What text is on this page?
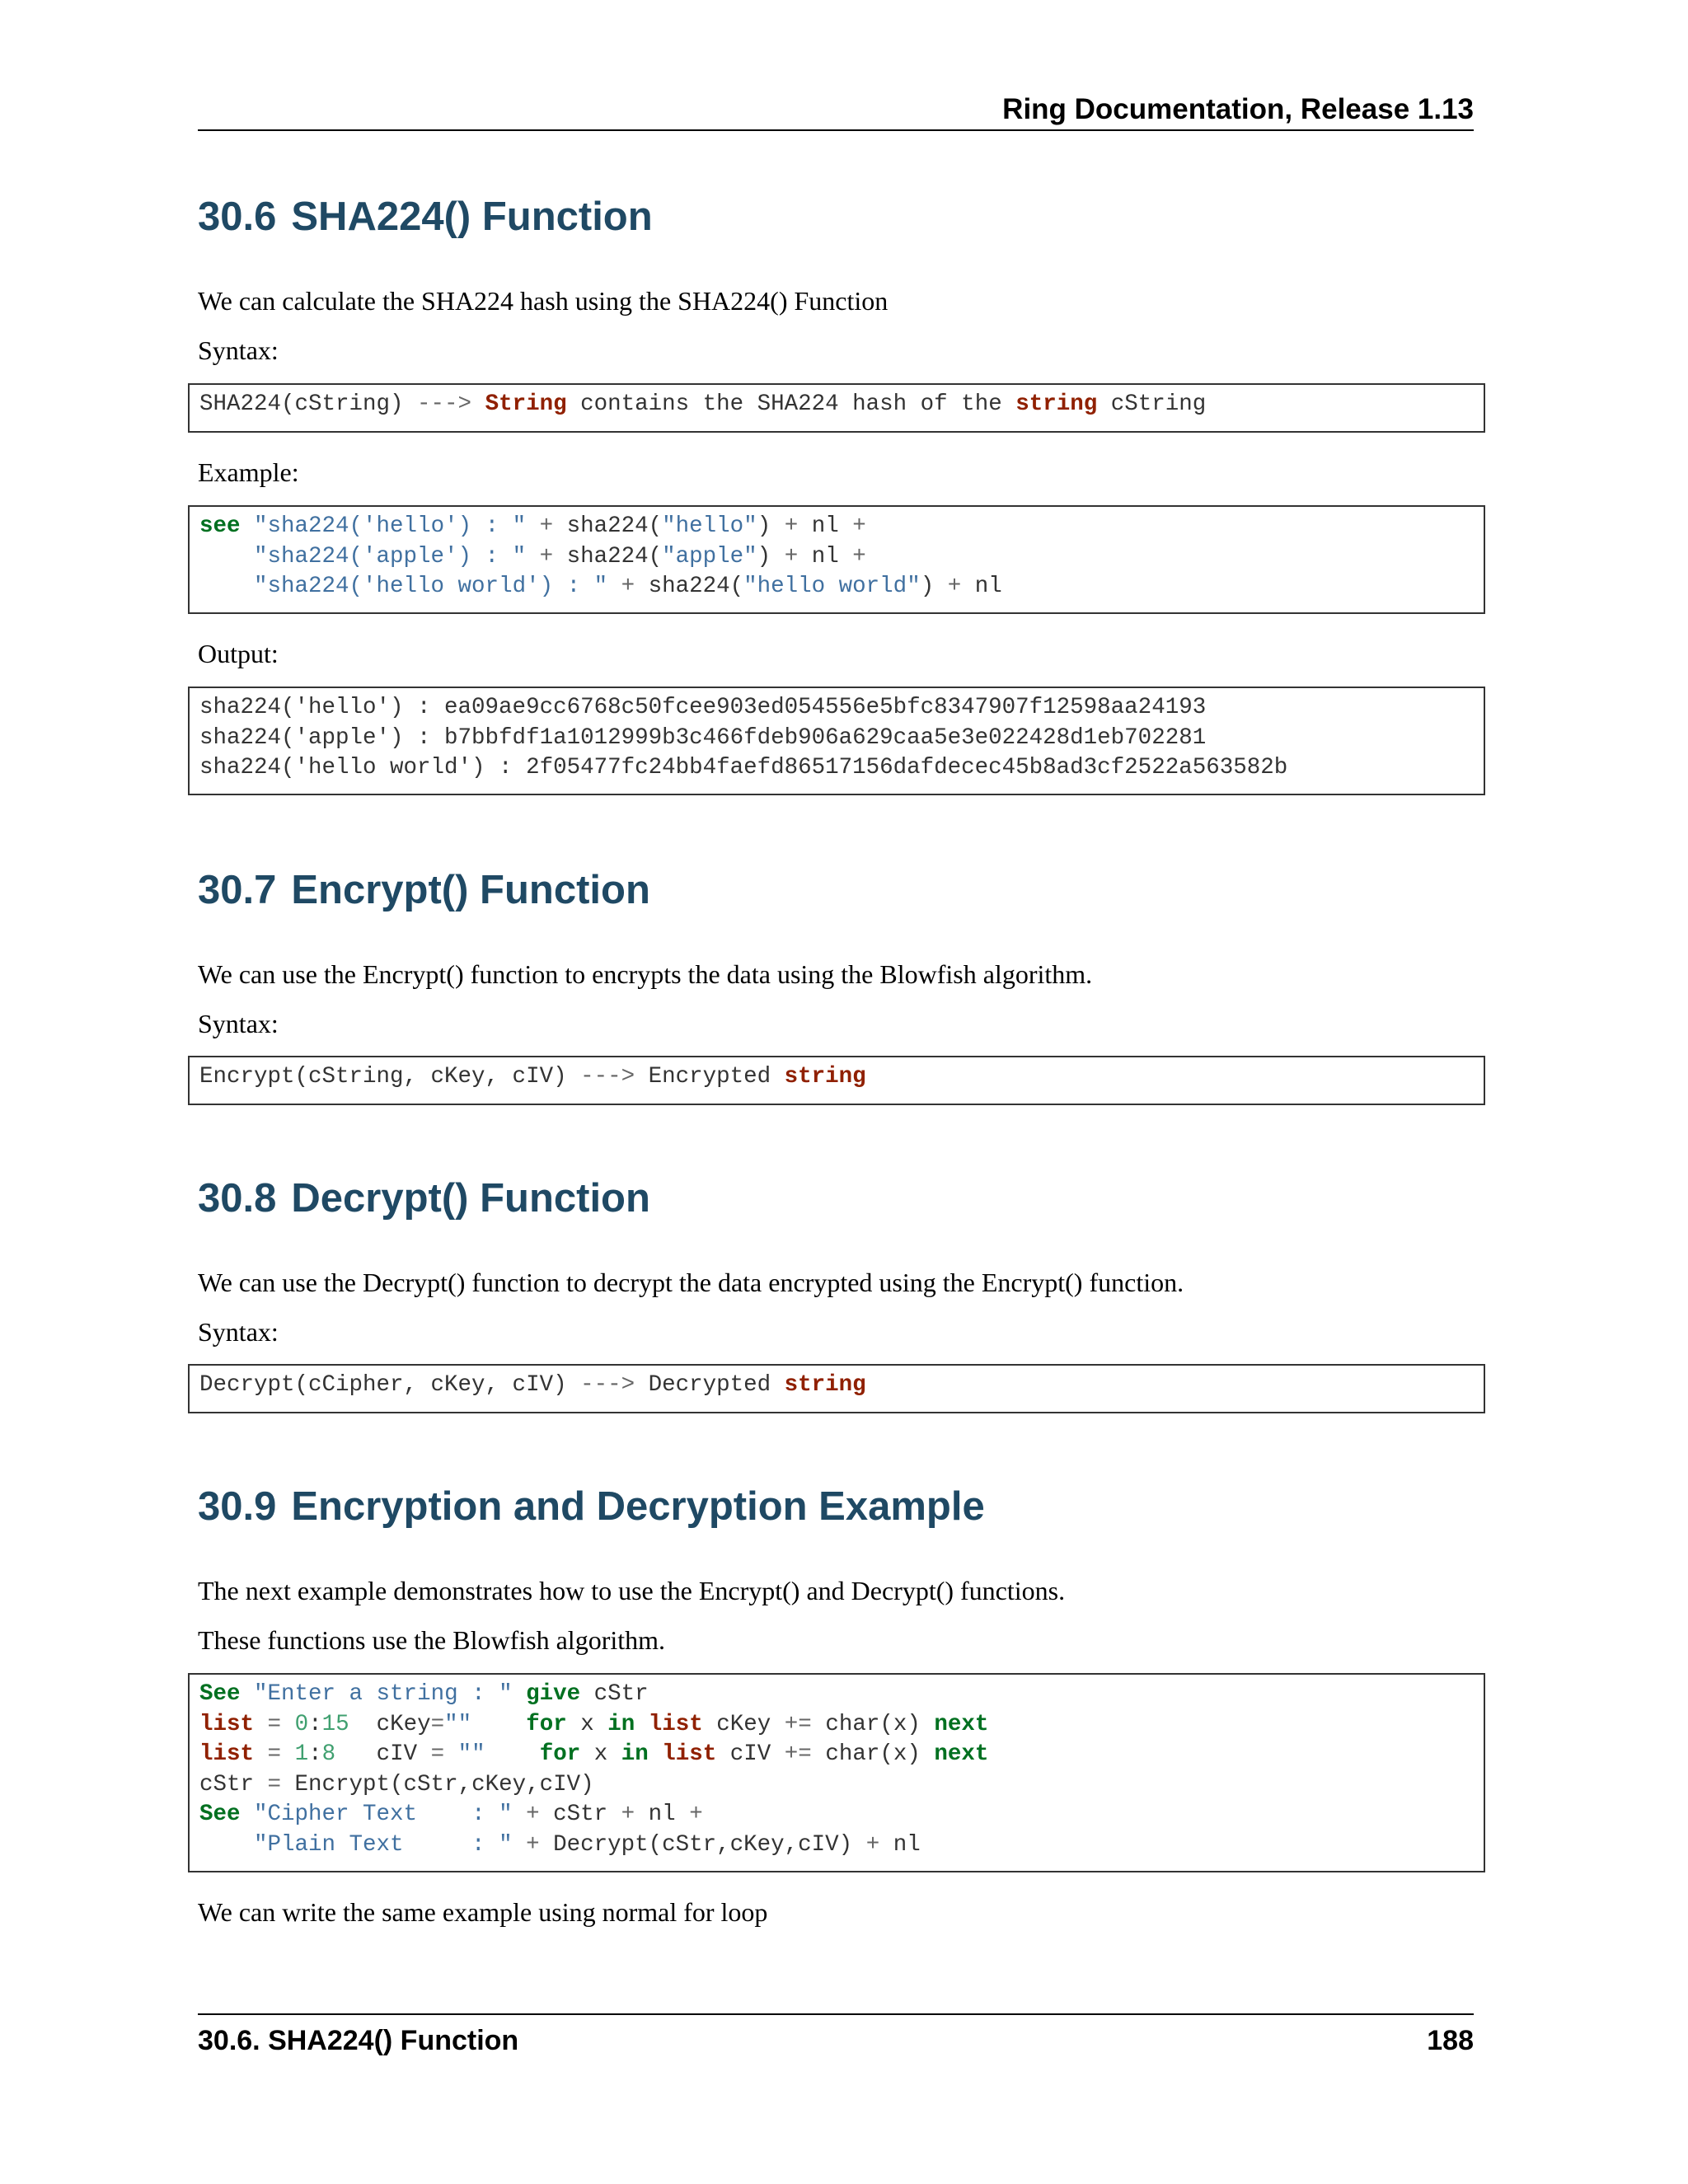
Ring Documentation, Release 1.13
30.6 SHA224() Function

We can calculate the SHA224 hash using the SHA224() Function

Syntax:

SHA224(cString) ---> String contains the SHA224 hash of the string cString

Example:

see "sha224('hello') : " + sha224("hello") + nl +
"sha224('apple') : " + sha224("apple") + nl +
"sha224('hello world') : " + sha224("hello world") + nl

Output:

sha224('hello') : ea09ae9cc6768c50fcee903ed054556e5bfc8347907f12598aa24193
sha224('apple') : b7bbfdf1a1012999b3c466fdeb906a629caa5e3e022428d1eb702281
sha224('hello world') : 2f05477fc24bb4faefd86517156dafdecec45b8ad3cf2522a563582b
30.7 Encrypt() Function

We can use the Encrypt() function to encrypts the data using the Blowfish algorithm.

Syntax:

Encrypt(cString, cKey, cIV) ---> Encrypted string
30.8 Decrypt() Function

We can use the Decrypt() function to decrypt the data encrypted using the Encrypt() function.

Syntax:

Decrypt(cCipher, cKey, cIV) ---> Decrypted string
30.9 Encryption and Decryption Example

The next example demonstrates how to use the Encrypt() and Decrypt() functions.

These functions use the Blowfish algorithm.

See "Enter a string : " give cStr
list = 0:15  cKey="" for x in list cKey += char(x) next
list = 1:8   cIV = "" for x in list cIV += char(x) next
cStr = Encrypt(cStr,cKey,cIV)
See "Cipher Text    : " + cStr + nl +
"Plain Text     : " + Decrypt(cStr,cKey,cIV) + nl

We can write the same example using normal for loop

30.6. SHA224() Function	188
